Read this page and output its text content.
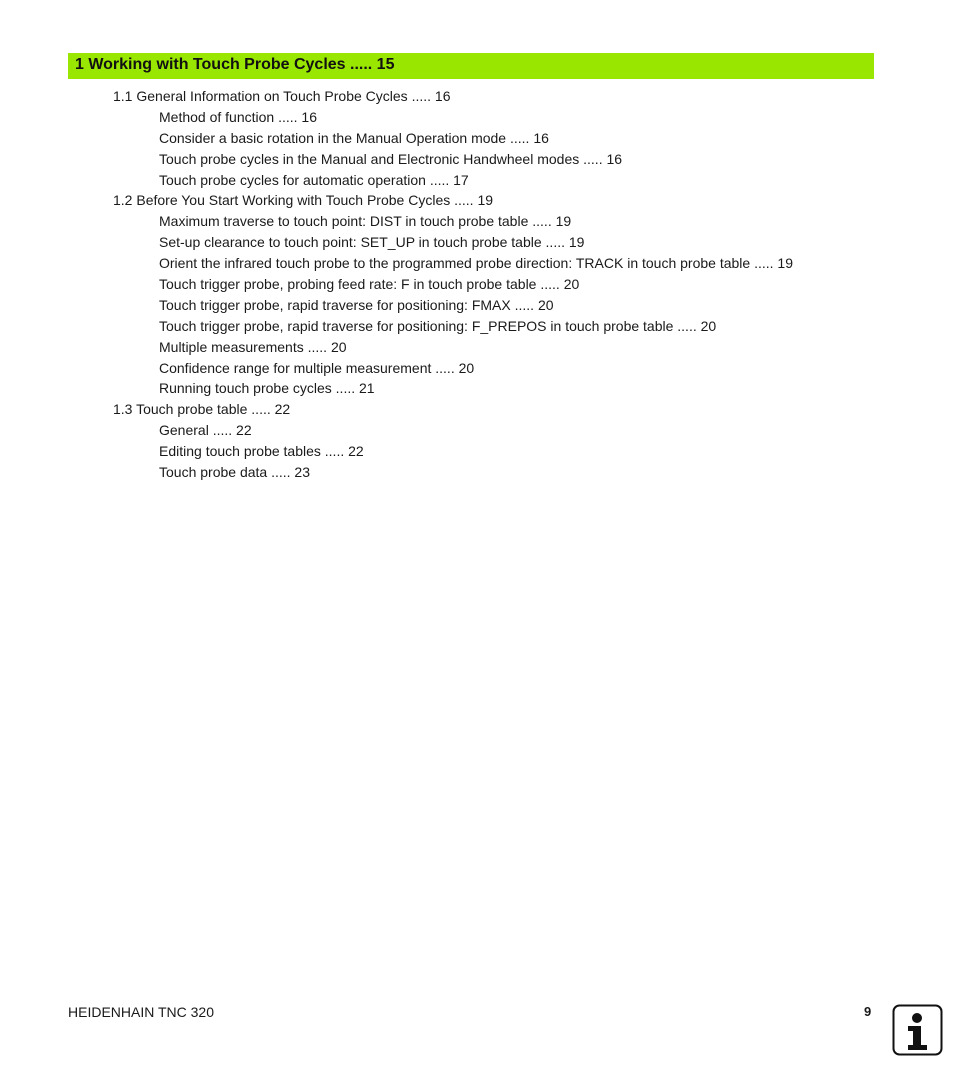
1 Working with Touch Probe Cycles ..... 15
1.1 General Information on Touch Probe Cycles ..... 16
Method of function ..... 16
Consider a basic rotation in the Manual Operation mode ..... 16
Touch probe cycles in the Manual and Electronic Handwheel modes ..... 16
Touch probe cycles for automatic operation ..... 17
1.2 Before You Start Working with Touch Probe Cycles ..... 19
Maximum traverse to touch point: DIST in touch probe table ..... 19
Set-up clearance to touch point: SET_UP in touch probe table ..... 19
Orient the infrared touch probe to the programmed probe direction: TRACK in touch probe table ..... 19
Touch trigger probe, probing feed rate: F in touch probe table ..... 20
Touch trigger probe, rapid traverse for positioning: FMAX ..... 20
Touch trigger probe, rapid traverse for positioning: F_PREPOS in touch probe table ..... 20
Multiple measurements ..... 20
Confidence range for multiple measurement ..... 20
Running touch probe cycles ..... 21
1.3 Touch probe table ..... 22
General ..... 22
Editing touch probe tables ..... 22
Touch probe data ..... 23
HEIDENHAIN TNC 320	9
